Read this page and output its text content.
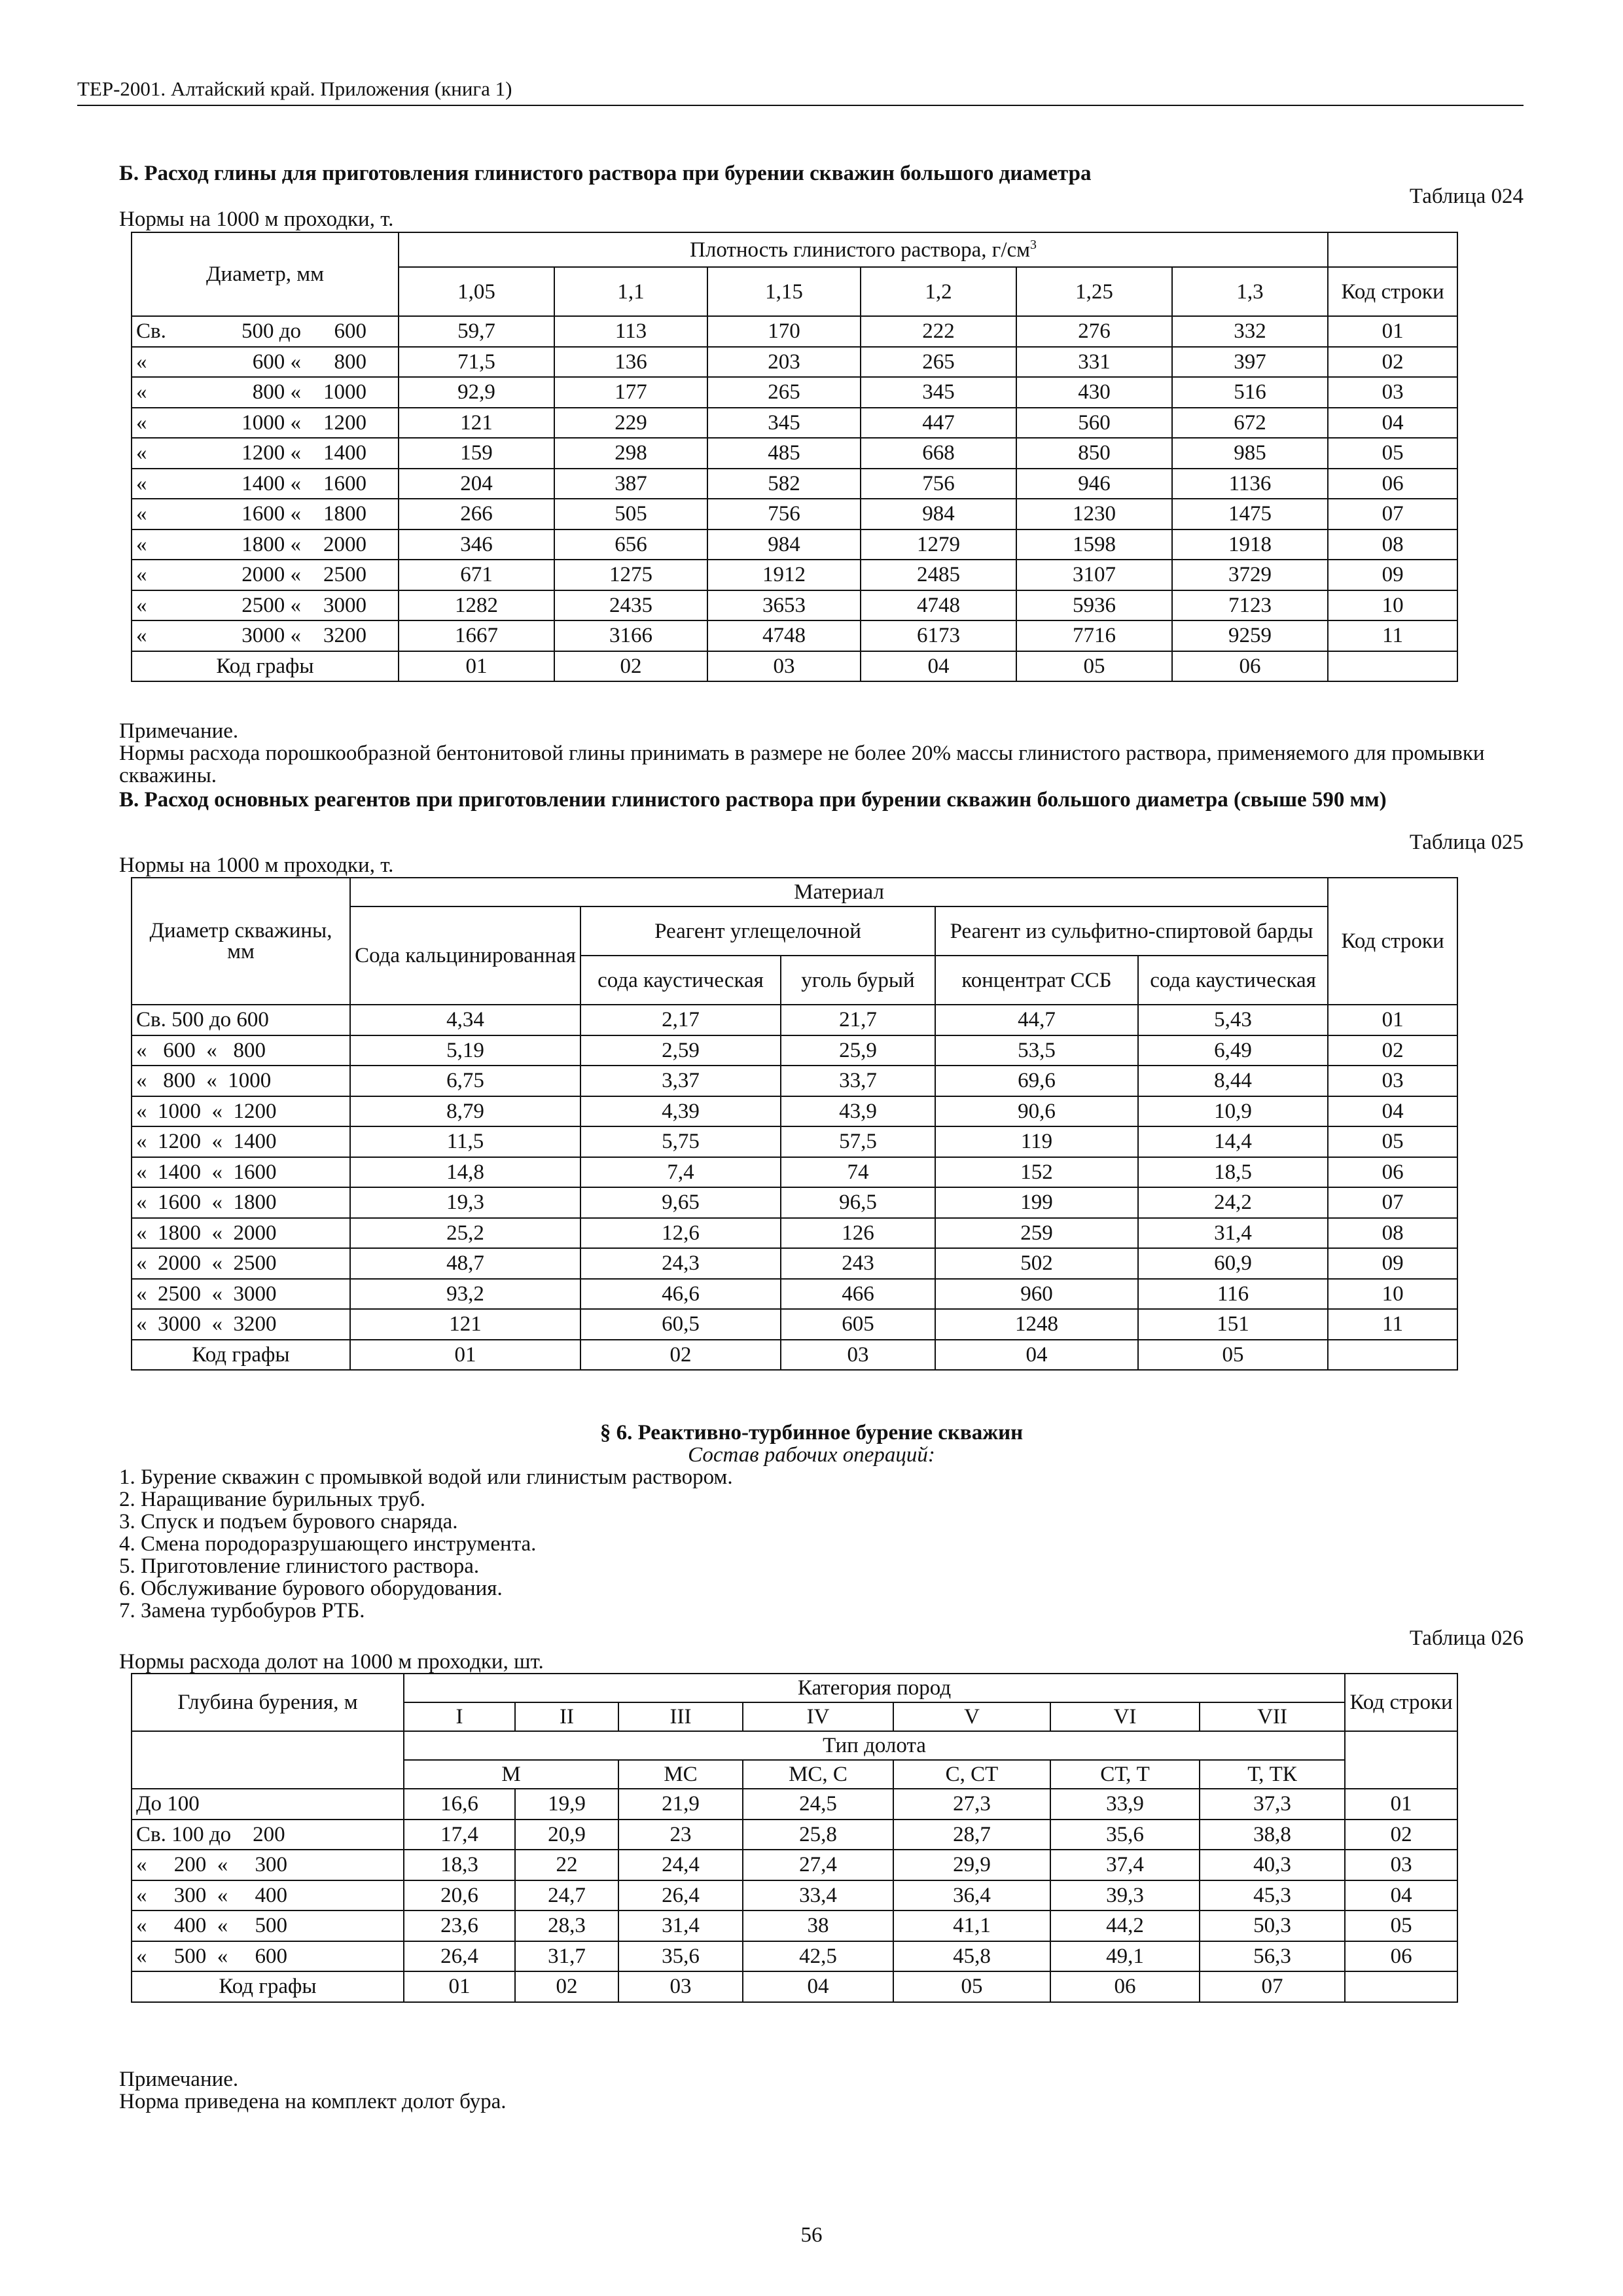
ТЕР-2001. Алтайский край. Приложения (книга 1)
Б. Расход глины для приготовления глинистого раствора при бурении скважин большого диаметра
Таблица 024
Нормы на 1000 м проходки, т.
Диаметр, мм	Плотность глинистого раствора, $г/см^3$	
	1,05	1,1	1,15	1,2	1,25	1,3	Код строки
Св. 500 до 600	59,7	113	170	222	276	332	01
« 600 « 800	71,5	136	203	265	331	397	02
« 800 « 1000	92,9	177	265	345	430	516	03
« 1000 « 1200	121	229	345	447	560	672	04
« 1200 « 1400	159	298	485	668	850	985	05
« 1400 « 1600	204	387	582	756	946	1136	06
« 1600 « 1800	266	505	756	984	1230	1475	07
« 1800 « 2000	346	656	984	1279	1598	1918	08
« 2000 « 2500	671	1275	1912	2485	3107	3729	09
« 2500 « 3000	1282	2435	3653	4748	5936	7123	10
« 3000 « 3200	1667	3166	4748	6173	7716	9259	11
Код графы	01	02	03	04	05	06	
Примечание.
Нормы расхода порошкообразной бентонитовой глины принимать в размере не более 20% массы глинистого раствора, применяемого для промывки скважины.
В. Расход основных реагентов при приготовлении глинистого раствора при бурении скважин большого диаметра (свыше 590 мм)
Таблица 025
Нормы на 1000 м проходки, т.
Диаметр скважины, мм	Материал					Код строки
	Сода кальцинированная	Реагент углещелочной		Реагент из сульфитно-спиртовой барды		
		сода каустическая	уголь бурый	концентрат ССБ	сода каустическая	
Св. 500 до 600	4,34	2,17	21,7	44,7	5,43	01
«   600  «   800	5,19	2,59	25,9	53,5	6,49	02
«   800  «  1000	6,75	3,37	33,7	69,6	8,44	03
«  1000  «  1200	8,79	4,39	43,9	90,6	10,9	04
«  1200  «  1400	11,5	5,75	57,5	119	14,4	05
«  1400  «  1600	14,8	7,4	74	152	18,5	06
«  1600  «  1800	19,3	9,65	96,5	199	24,2	07
«  1800  «  2000	25,2	12,6	126	259	31,4	08
«  2000  «  2500	48,7	24,3	243	502	60,9	09
«  2500  «  3000	93,2	46,6	466	960	116	10
«  3000  «  3200	121	60,5	605	1248	151	11
Код графы	01	02	03	04	05	
§ 6. Реактивно-турбинное бурение скважин
Состав рабочих операций:
1. Бурение скважин с промывкой водой или глинистым раствором.
2. Наращивание бурильных труб.
3. Спуск и подъем бурового снаряда.
4. Смена породоразрушающего инструмента.
5. Приготовление глинистого раствора.
6. Обслуживание бурового оборудования.
7. Замена турбобуров РТБ.
Таблица 026
Нормы расхода долот на 1000 м проходки, шт.
Глубина бурения, м	Категория пород							Код строки
	I	II	III	IV	V	VI	VII	
	Тип долота							
	М		МС	МС, С	С, СТ	СТ, Т	Т, ТК	
До 100	16,6	19,9	21,9	24,5	27,3	33,9	37,3	01
Св. 100 до    200	17,4	20,9	23	25,8	28,7	35,6	38,8	02
«     200  «     300	18,3	22	24,4	27,4	29,9	37,4	40,3	03
«     300  «     400	20,6	24,7	26,4	33,4	36,4	39,3	45,3	04
«     400  «     500	23,6	28,3	31,4	38	41,1	44,2	50,3	05
«     500  «     600	26,4	31,7	35,6	42,5	45,8	49,1	56,3	06
Код графы	01	02	03	04	05	06	07	
Примечание.
Норма приведена на комплект долот бура.
56
